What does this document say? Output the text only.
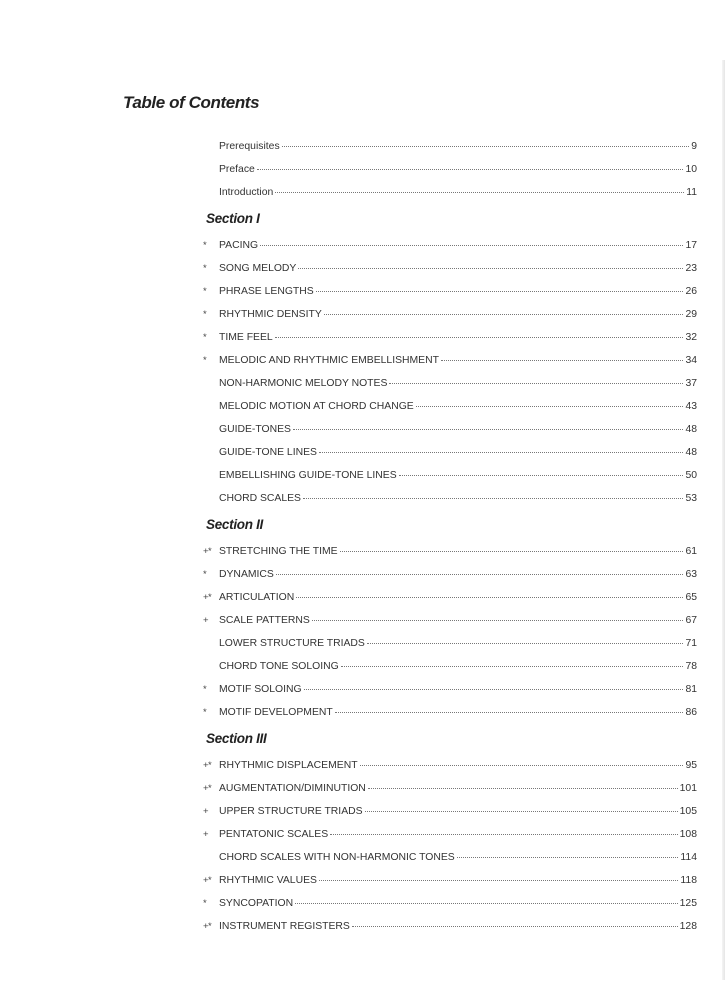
Table of Contents
Prerequisites	9
Preface	10
Introduction	11
Section I
*	PACING	17
*	SONG MELODY	23
*	PHRASE LENGTHS	26
*	RHYTHMIC DENSITY	29
*	TIME FEEL	32
*	MELODIC AND RHYTHMIC EMBELLISHMENT	34
NON-HARMONIC MELODY NOTES	37
MELODIC MOTION AT CHORD CHANGE	43
GUIDE-TONES	48
GUIDE-TONE LINES	48
EMBELLISHING GUIDE-TONE LINES	50
CHORD SCALES	53
Section II
+* STRETCHING THE TIME	61
*	DYNAMICS	63
+* ARTICULATION	65
+	SCALE PATTERNS	67
LOWER STRUCTURE TRIADS	71
CHORD TONE SOLOING	78
*	MOTIF SOLOING	81
*	MOTIF DEVELOPMENT	86
Section III
+* RHYTHMIC DISPLACEMENT	95
+* AUGMENTATION/DIMINUTION	101
+	UPPER STRUCTURE TRIADS	105
+	PENTATONIC SCALES	108
CHORD SCALES WITH NON-HARMONIC TONES	114
+* RHYTHMIC VALUES	118
*	SYNCOPATION	125
+* INSTRUMENT REGISTERS	128
